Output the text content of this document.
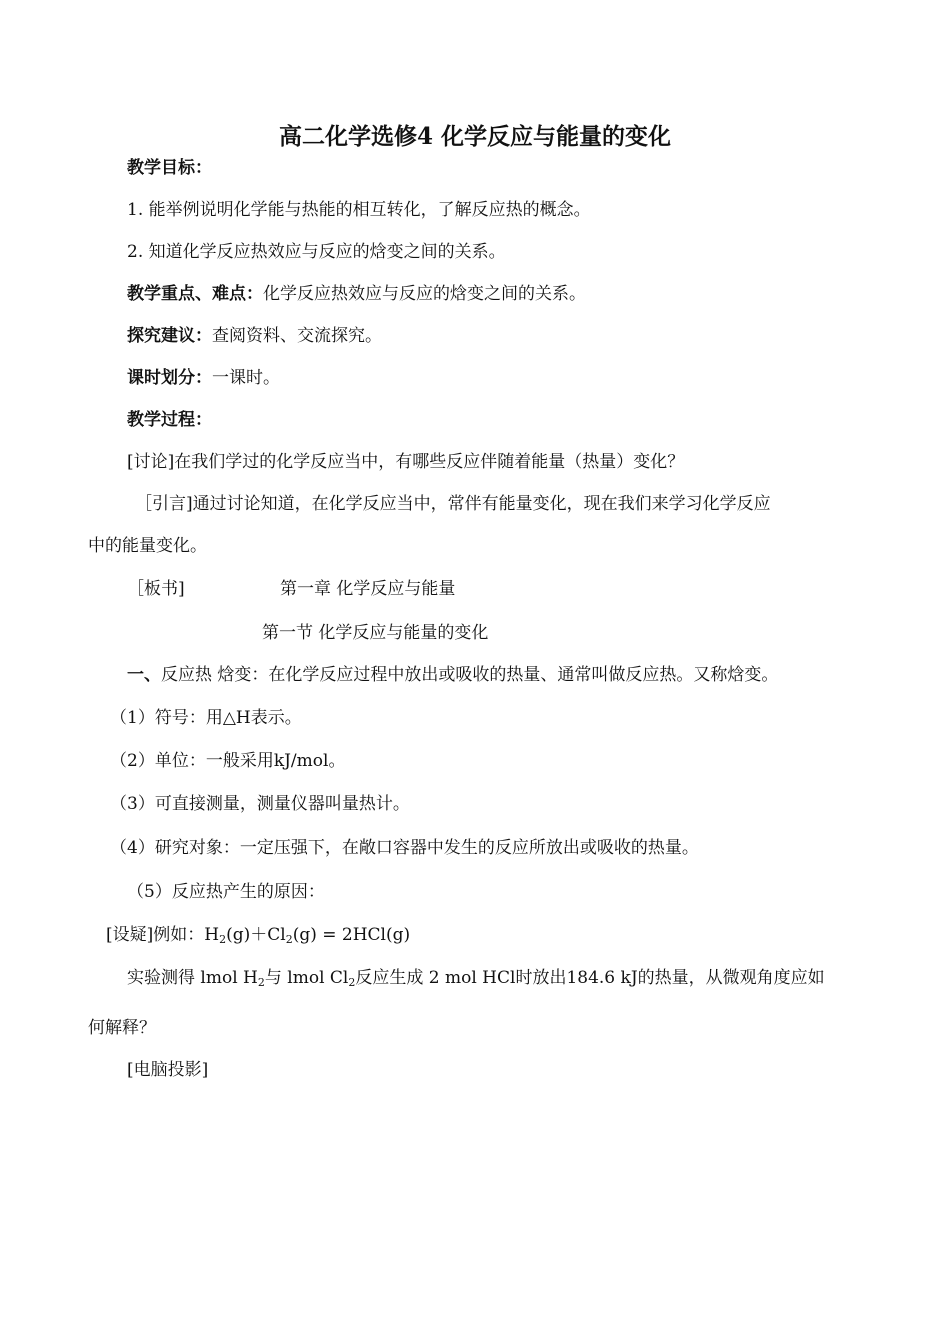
高二化学选修4 化学反应与能量的变化
教学目标：
1. 能举例说明化学能与热能的相互转化，了解反应热的概念。
2. 知道化学反应热效应与反应的焓变之间的关系。
教学重点、难点：化学反应热效应与反应的焓变之间的关系。
探究建议：查阅资料、交流探究。
课时划分：一课时。
教学过程：
[讨论]在我们学过的化学反应当中，有哪些反应伴随着能量（热量）变化？
［引言]通过讨论知道，在化学反应当中，常伴有能量变化，现在我们来学习化学反应
中的能量变化。
［板书]	第一章 化学反应与能量
第一节 化学反应与能量的变化
一、反应热 焓变：在化学反应过程中放出或吸收的热量、通常叫做反应热。又称焓变。
（1）符号：用△H表示。
（2）单位：一般采用kJ/mol。
（3）可直接测量，测量仪器叫量热计。
（4）研究对象：一定压强下，在敞口容器中发生的反应所放出或吸收的热量。
（5）反应热产生的原因：
[设疑]例如：$H_2(g)+Cl_2(g) = 2HCl(g)$
实验测得 lmol $H_2$与 lmol $Cl_2$反应生成 2 mol HCl时放出184.6 kJ的热量，从微观角度应如
何解释？
[电脑投影]
